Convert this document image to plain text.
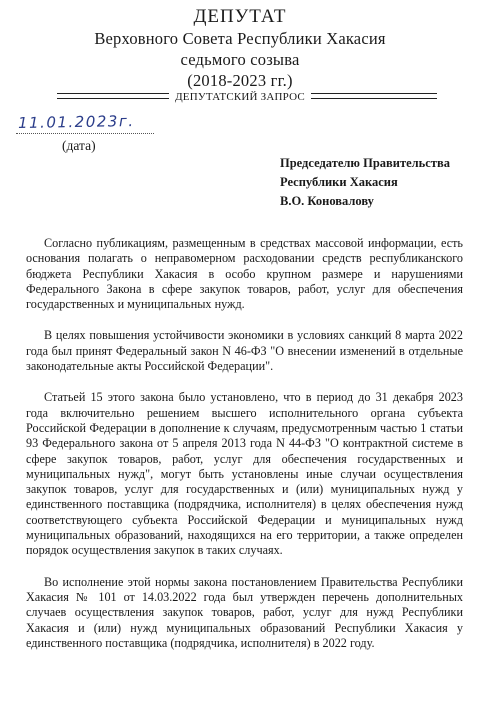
ДЕПУТАТ
Верховного Совета Республики Хакасия
седьмого созыва
(2018-2023 гг.)
ДЕПУТАТСКИЙ ЗАПРОС
11.01.2023г.
(дата)
Председателю Правительства
Республики Хакасия
В.О. Коновалову

Согласно публикациям, размещенным в средствах массовой информации, есть основания полагать о неправомерном расходовании средств республиканского бюджета Республики Хакасия в особо крупном размере и нарушениями Федерального Закона в сфере закупок товаров, работ, услуг для обеспечения государственных и муниципальных нужд.

В целях повышения устойчивости экономики в условиях санкций 8 марта 2022 года был принят Федеральный закон N 46-ФЗ "О внесении изменений в отдельные законодательные акты Российской Федерации".

Статьей 15 этого закона было установлено, что в период до 31 декабря 2023 года включительно решением высшего исполнительного органа субъекта Российской Федерации в дополнение к случаям, предусмотренным частью 1 статьи 93 Федерального закона от 5 апреля 2013 года N 44-ФЗ "О контрактной системе в сфере закупок товаров, работ, услуг для обеспечения государственных и муниципальных нужд", могут быть установлены иные случаи осуществления закупок товаров, услуг для государственных и (или) муниципальных нужд у единственного поставщика (подрядчика, исполнителя) в целях обеспечения нужд соответствующего субъекта Российской Федерации и муниципальных нужд муниципальных образований, находящихся на его территории, а также определен порядок осуществления закупок в таких случаях.

Во исполнение этой нормы закона постановлением Правительства Республики Хакасия № 101 от 14.03.2022 года был утвержден перечень дополнительных случаев осуществления закупок товаров, работ, услуг для нужд Республики Хакасия и (или) нужд муниципальных образований Республики Хакасия у единственного поставщика (подрядчика, исполнителя) в 2022 году.
